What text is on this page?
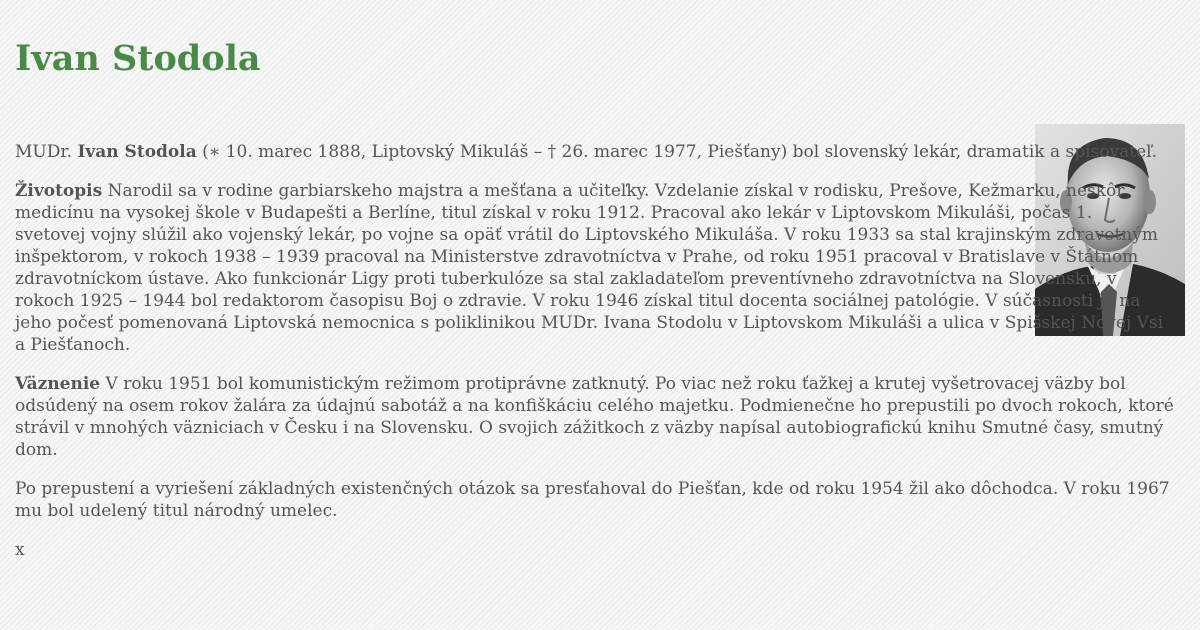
Ivan Stodola

MUDr. Ivan Stodola (∗ 10. marec 1888, Liptovský Mikuláš – † 26. marec 1977, Piešťany) bol slovenský lekár, dramatik a spisovateľ.

Životopis Narodil sa v rodine garbiarskeho majstra a mešťana a učiteľky. Vzdelanie získal v rodisku, Prešove, Kežmarku, neskôr medicínu na vysokej škole v Budapešti a Berlíne, titul získal v roku 1912. Pracoval ako lekár v Liptovskom Mikuláši, počas 1. svetovej vojny slúžil ako vojenský lekár, po vojne sa opäť vrátil do Liptovského Mikuláša. V roku 1933 sa stal krajinským zdravotným inšpektorom, v rokoch 1938 – 1939 pracoval na Ministerstve zdravotníctva v Prahe, od roku 1951 pracoval v Bratislave v Štátnom zdravotníckom ústave. Ako funkcionár Ligy proti tuberkulóze sa stal zakladateľom preventívneho zdravotníctva na Slovensku, v rokoch 1925 – 1944 bol redaktorom časopisu Boj o zdravie. V roku 1946 získal titul docenta sociálnej patológie. V súčasnosti je na jeho počesť pomenovaná Liptovská nemocnica s poliklinikou MUDr. Ivana Stodolu v Liptovskom Mikuláši a ulica v Spišskej Novej Vsi a Piešťanoch.

Väznenie V roku 1951 bol komunistickým režimom protiprávne zatknutý. Po viac než roku ťažkej a krutej vyšetrovacej väzby bol odsúdený na osem rokov žalára za údajnú sabotáž a na konfiškáciu celého majetku. Podmienečne ho prepustili po dvoch rokoch, ktoré strávil v mnohých väzniciach v Česku i na Slovensku. O svojich zážitkoch z väzby napísal autobiografickú knihu Smutné časy, smutný dom.

Po prepustení a vyriešení základných existenčných otázok sa presťahoval do Piešťan, kde od roku 1954 žil ako dôchodca. V roku 1967 mu bol udelený titul národný umelec.

x
